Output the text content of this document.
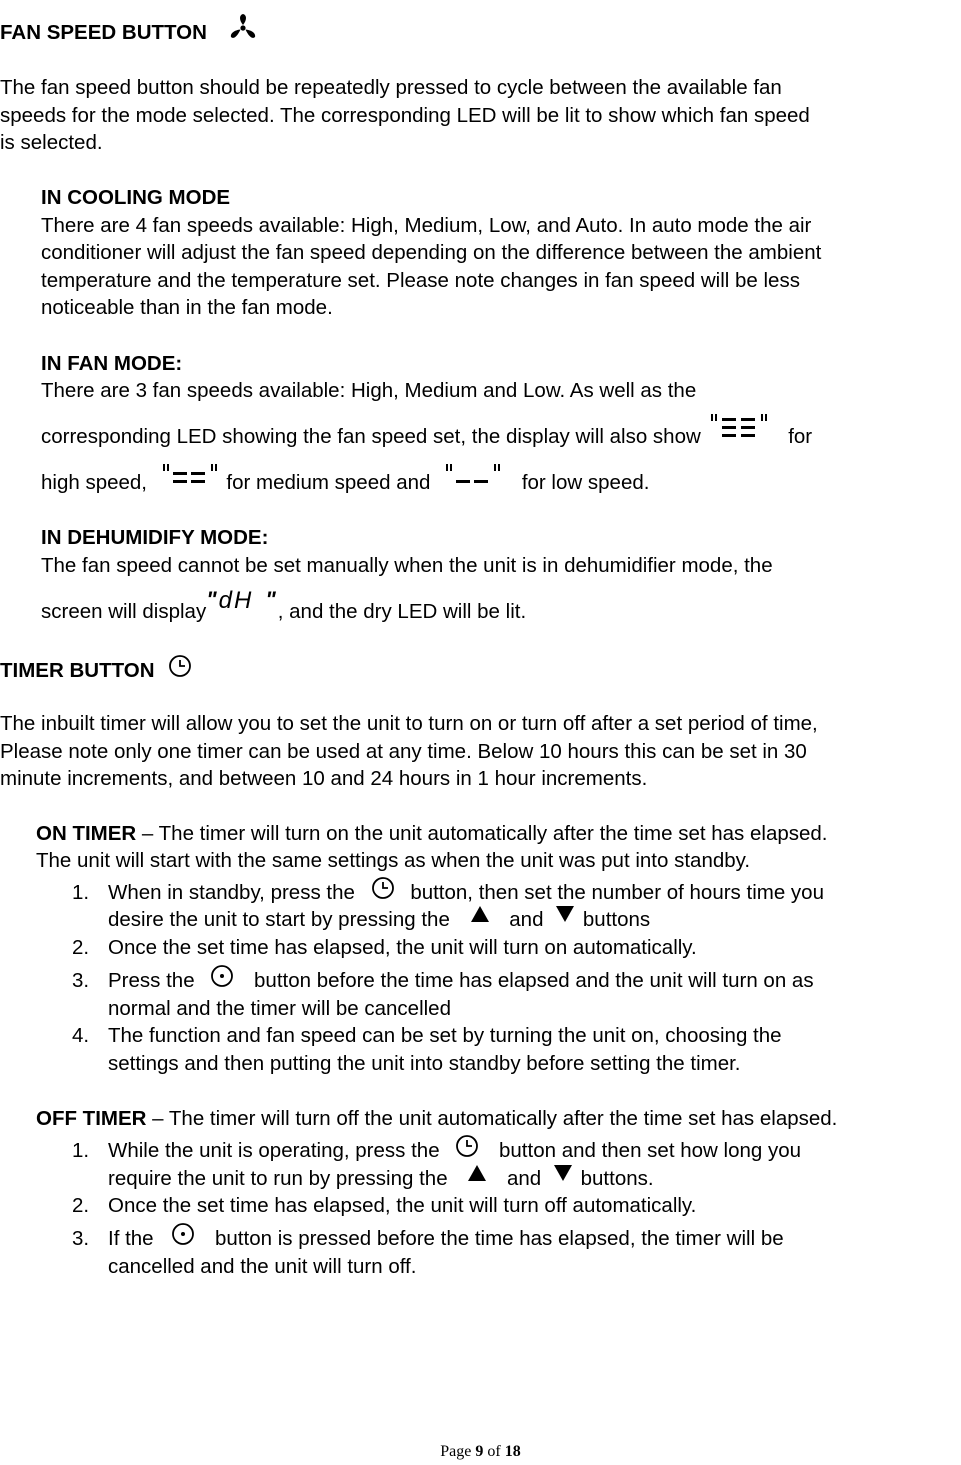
FAN SPEED BUTTON
The fan speed button should be repeatedly pressed to cycle between the available fan
speeds for the mode selected. The corresponding LED will be lit to show which fan speed
is selected.
IN COOLING MODE
There are 4 fan speeds available: High, Medium, Low, and Auto. In auto mode the air
conditioner will adjust the fan speed depending on the difference between the ambient
temperature and the temperature set. Please note changes in fan speed will be less
noticeable than in the fan mode.
IN FAN MODE:
There are 3 fan speeds available: High, Medium and Low. As well as the
corresponding LED showing the fan speed set, the display will also show	for
high speed,	for medium speed and	for low speed.
IN DEHUMIDIFY MODE:
The fan speed cannot be set manually when the unit is in dehumidifier mode, the
screen will display"dH ", and the dry LED will be lit.
TIMER BUTTON
The inbuilt timer will allow you to set the unit to turn on or turn off after a set period of time,
Please note only one timer can be used at any time. Below 10 hours this can be set in 30
minute increments, and between 10 and 24 hours in 1 hour increments.
ON TIMER – The timer will turn on the unit automatically after the time set has elapsed.
The unit will start with the same settings as when the unit was put into standby.
1. When in standby, press the	button, then set the number of hours time you
desire the unit to start by pressing the	and buttons
2. Once the set time has elapsed, the unit will turn on automatically.
3. Press the	button before the time has elapsed and the unit will turn on as
normal and the timer will be cancelled
4. The function and fan speed can be set by turning the unit on, choosing the
settings and then putting the unit into standby before setting the timer.
OFF TIMER – The timer will turn off the unit automatically after the time set has elapsed.
1. While the unit is operating, press the	button and then set how long you
require the unit to run by pressing the	and buttons.
2. Once the set time has elapsed, the unit will turn off automatically.
3. If the	button is pressed before the time has elapsed, the timer will be
cancelled and the unit will turn off.
Page 9 of 18
